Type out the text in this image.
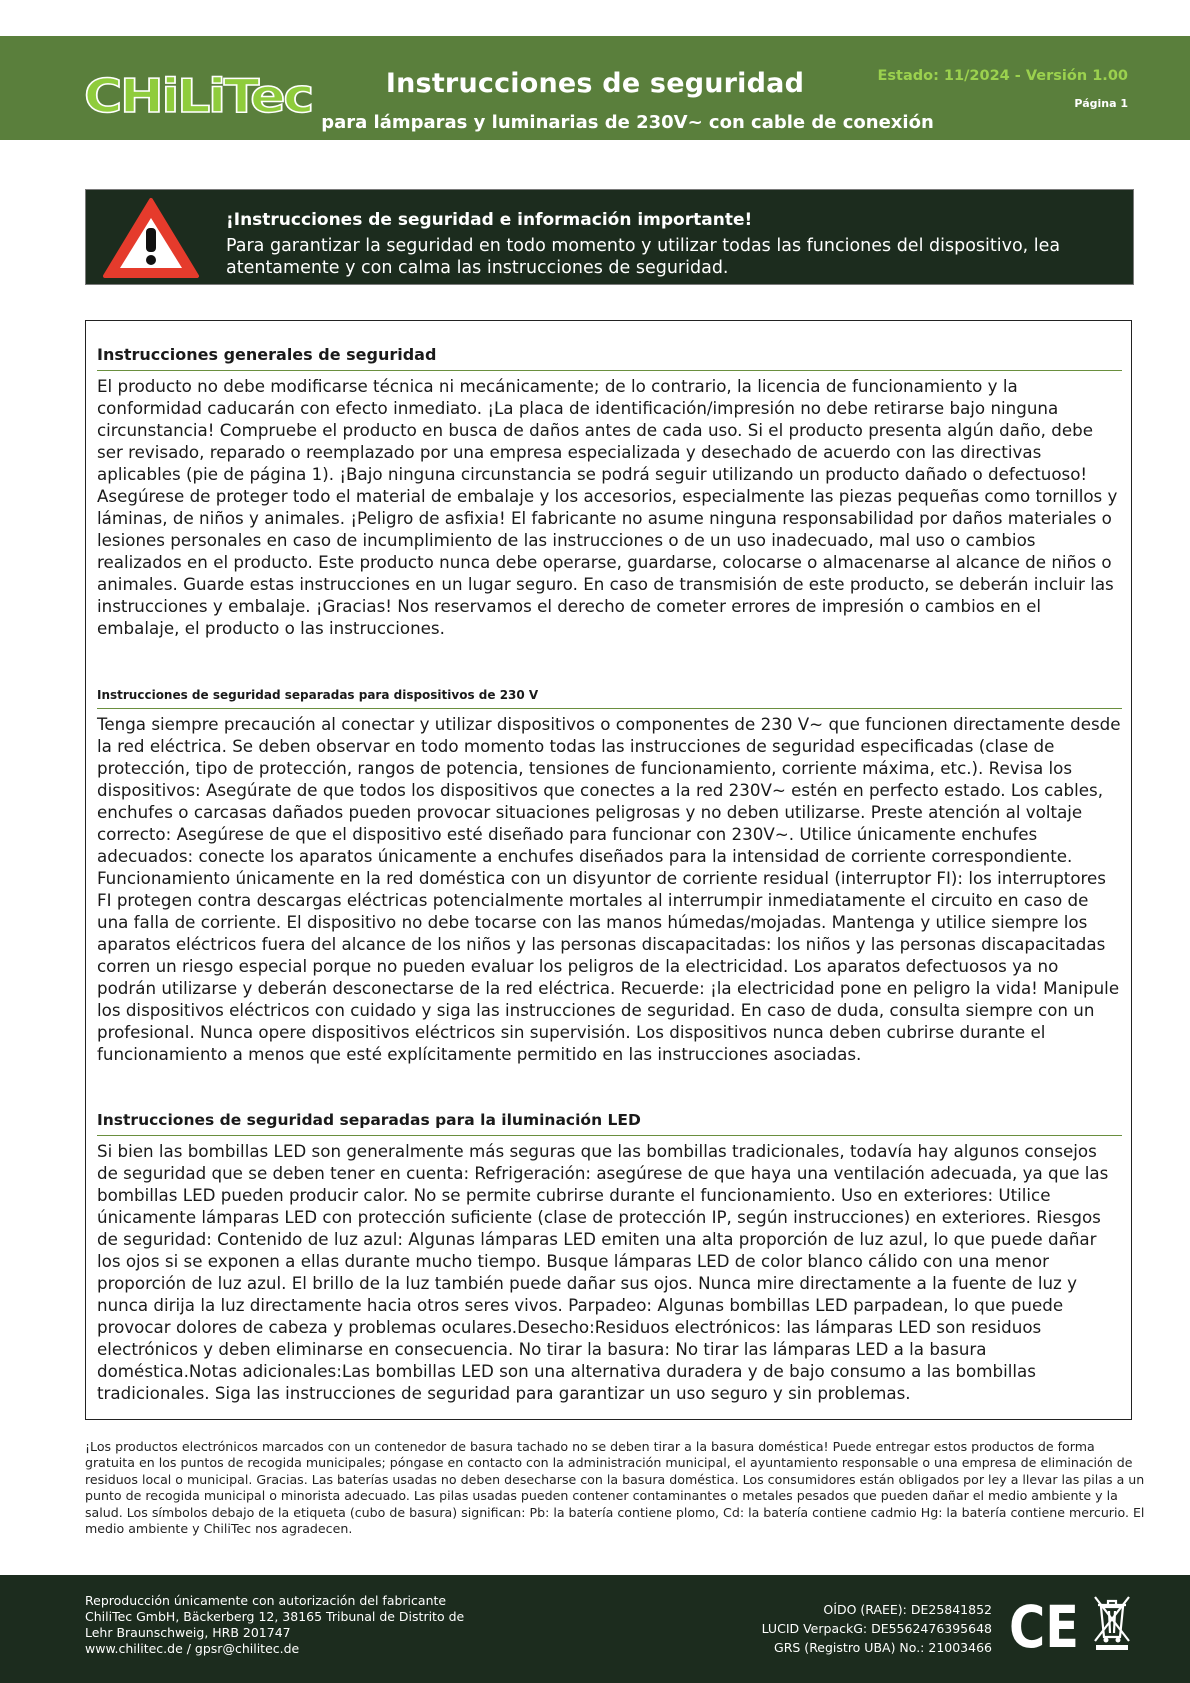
CHiLiTec	Instrucciones de seguridad
para lámparas y luminarias de 230V~ con cable de conexión
Estado: 11/2024 - Versión 1.00
Página 1
¡Instrucciones de seguridad e información importante!
Para garantizar la seguridad en todo momento y utilizar todas las funciones del dispositivo, lea atentamente y con calma las instrucciones de seguridad.
Instrucciones generales de seguridad
El producto no debe modificarse técnica ni mecánicamente; de lo contrario, la licencia de funcionamiento y la conformidad caducarán con efecto inmediato. ¡La placa de identificación/impresión no debe retirarse bajo ninguna circunstancia! Compruebe el producto en busca de daños antes de cada uso. Si el producto presenta algún daño, debe ser revisado, reparado o reemplazado por una empresa especializada y desechado de acuerdo con las directivas aplicables (pie de página 1). ¡Bajo ninguna circunstancia se podrá seguir utilizando un producto dañado o defectuoso! Asegúrese de proteger todo el material de embalaje y los accesorios, especialmente las piezas pequeñas como tornillos y láminas, de niños y animales. ¡Peligro de asfixia! El fabricante no asume ninguna responsabilidad por daños materiales o lesiones personales en caso de incumplimiento de las instrucciones o de un uso inadecuado, mal uso o cambios realizados en el producto. Este producto nunca debe operarse, guardarse, colocarse o almacenarse al alcance de niños o animales. Guarde estas instrucciones en un lugar seguro. En caso de transmisión de este producto, se deberán incluir las instrucciones y embalaje. ¡Gracias! Nos reservamos el derecho de cometer errores de impresión o cambios en el embalaje, el producto o las instrucciones.
Instrucciones de seguridad separadas para dispositivos de 230 V
Tenga siempre precaución al conectar y utilizar dispositivos o componentes de 230 V~ que funcionen directamente desde la red eléctrica. Se deben observar en todo momento todas las instrucciones de seguridad especificadas (clase de protección, tipo de protección, rangos de potencia, tensiones de funcionamiento, corriente máxima, etc.). Revisa los dispositivos: Asegúrate de que todos los dispositivos que conectes a la red 230V~ estén en perfecto estado. Los cables, enchufes o carcasas dañados pueden provocar situaciones peligrosas y no deben utilizarse. Preste atención al voltaje correcto: Asegúrese de que el dispositivo esté diseñado para funcionar con 230V~. Utilice únicamente enchufes adecuados: conecte los aparatos únicamente a enchufes diseñados para la intensidad de corriente correspondiente. Funcionamiento únicamente en la red doméstica con un disyuntor de corriente residual (interruptor FI): los interruptores FI protegen contra descargas eléctricas potencialmente mortales al interrumpir inmediatamente el circuito en caso de una falla de corriente. El dispositivo no debe tocarse con las manos húmedas/mojadas. Mantenga y utilice siempre los aparatos eléctricos fuera del alcance de los niños y las personas discapacitadas: los niños y las personas discapacitadas corren un riesgo especial porque no pueden evaluar los peligros de la electricidad. Los aparatos defectuosos ya no podrán utilizarse y deberán desconectarse de la red eléctrica. Recuerde: ¡la electricidad pone en peligro la vida! Manipule los dispositivos eléctricos con cuidado y siga las instrucciones de seguridad. En caso de duda, consulta siempre con un profesional. Nunca opere dispositivos eléctricos sin supervisión. Los dispositivos nunca deben cubrirse durante el funcionamiento a menos que esté explícitamente permitido en las instrucciones asociadas.
Instrucciones de seguridad separadas para la iluminación LED
Si bien las bombillas LED son generalmente más seguras que las bombillas tradicionales, todavía hay algunos consejos de seguridad que se deben tener en cuenta: Refrigeración: asegúrese de que haya una ventilación adecuada, ya que las bombillas LED pueden producir calor. No se permite cubrirse durante el funcionamiento. Uso en exteriores: Utilice únicamente lámparas LED con protección suficiente (clase de protección IP, según instrucciones) en exteriores. Riesgos de seguridad: Contenido de luz azul: Algunas lámparas LED emiten una alta proporción de luz azul, lo que puede dañar los ojos si se exponen a ellas durante mucho tiempo. Busque lámparas LED de color blanco cálido con una menor proporción de luz azul. El brillo de la luz también puede dañar sus ojos. Nunca mire directamente a la fuente de luz y nunca dirija la luz directamente hacia otros seres vivos. Parpadeo: Algunas bombillas LED parpadean, lo que puede provocar dolores de cabeza y problemas oculares.Desecho:Residuos electrónicos: las lámparas LED son residuos electrónicos y deben eliminarse en consecuencia. No tirar la basura: No tirar las lámparas LED a la basura doméstica.Notas adicionales:Las bombillas LED son una alternativa duradera y de bajo consumo a las bombillas tradicionales. Siga las instrucciones de seguridad para garantizar un uso seguro y sin problemas.
¡Los productos electrónicos marcados con un contenedor de basura tachado no se deben tirar a la basura doméstica! Puede entregar estos productos de forma gratuita en los puntos de recogida municipales; póngase en contacto con la administración municipal, el ayuntamiento responsable o una empresa de eliminación de residuos local o municipal. Gracias. Las baterías usadas no deben desecharse con la basura doméstica. Los consumidores están obligados por ley a llevar las pilas a un punto de recogida municipal o minorista adecuado. Las pilas usadas pueden contener contaminantes o metales pesados que pueden dañar el medio ambiente y la salud. Los símbolos debajo de la etiqueta (cubo de basura) significan: Pb: la batería contiene plomo, Cd: la batería contiene cadmio Hg: la batería contiene mercurio. El medio ambiente y ChiliTec nos agradecen.
Reproducción únicamente con autorización del fabricante
ChiliTec GmbH, Bäckerberg 12, 38165 Tribunal de Distrito de
Lehr Braunschweig, HRB 201747
www.chilitec.de / gpsr@chilitec.de
OÍDO (RAEE): DE25841852
LUCID VerpackG: DE5562476395648
GRS (Registro UBA) No.: 21003466 CE
